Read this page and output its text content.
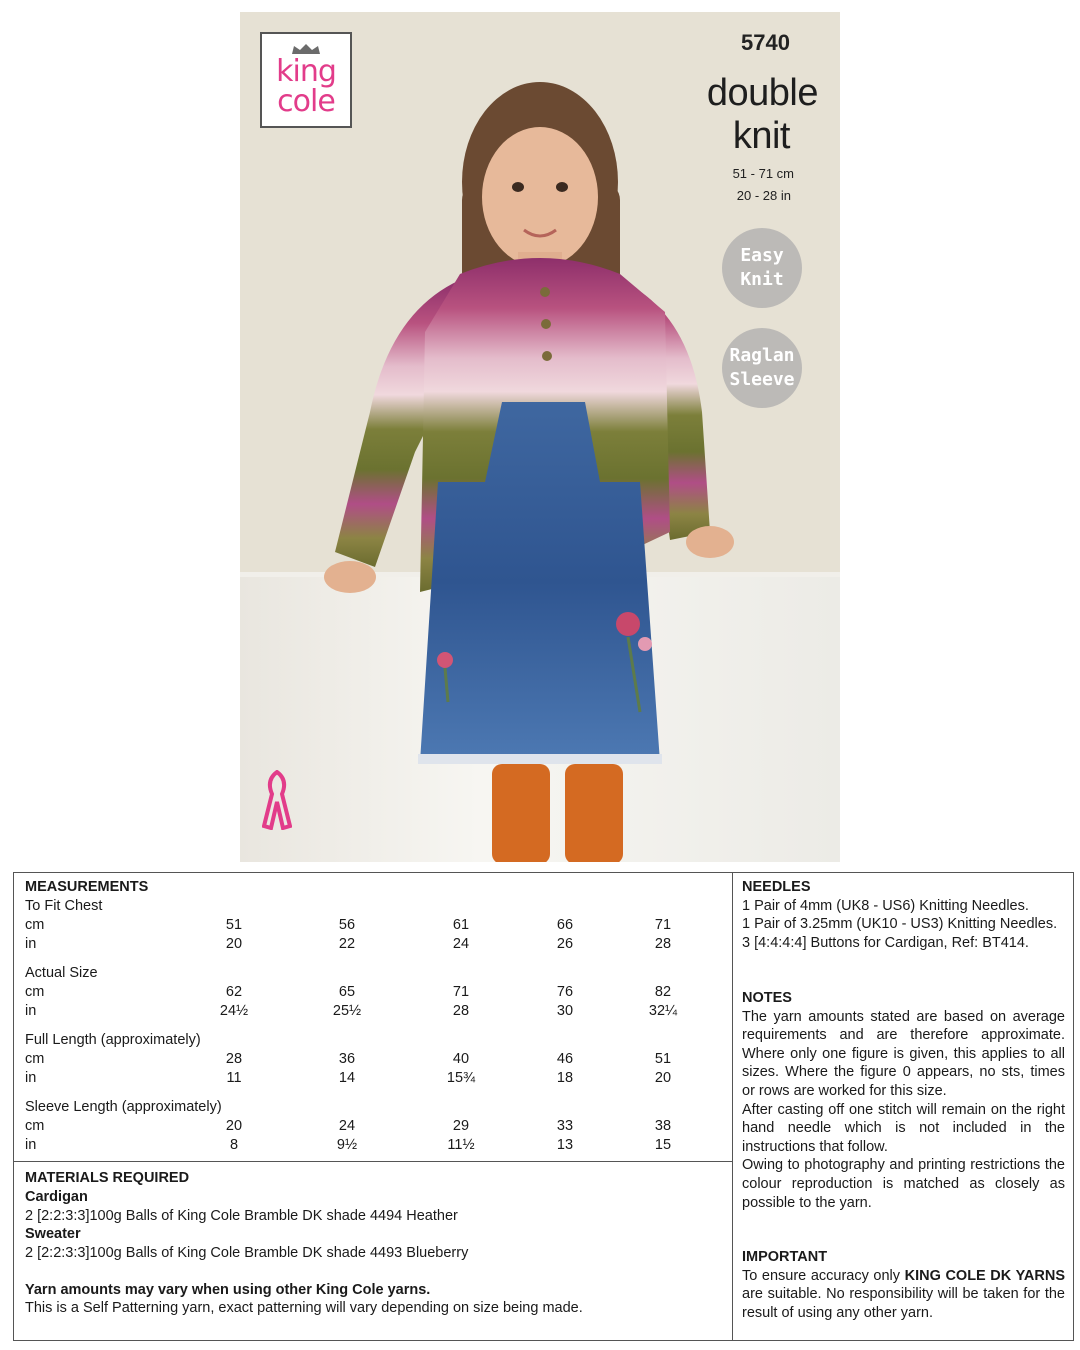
king
cole
5740
double
knit
51 - 71 cm
20 - 28 in
Easy
Knit
Raglan
Sleeve
MEASUREMENTS
To Fit Chest
cm	51	56	61	66	71
in	20	22	24	26	28
Actual Size
cm	62	65	71	76	82
in	24½	25½	28	30	32¼
Full Length (approximately)
cm	28	36	40	46	51
in	11	14	15¾	18	20
Sleeve Length (approximately)
cm	20	24	29	33	38
in	8	9½	11½	13	15
MATERIALS REQUIRED
Cardigan
2 [2:2:3:3]100g Balls of King Cole Bramble DK shade 4494 Heather
Sweater
2 [2:2:3:3]100g Balls of King Cole Bramble DK shade 4493 Blueberry
Yarn amounts may vary when using other King Cole yarns.
This is a Self Patterning yarn, exact patterning will vary depending on size being made.
NEEDLES
1 Pair of 4mm (UK8 - US6) Knitting Needles.
1 Pair of 3.25mm (UK10 - US3) Knitting Needles.
3 [4:4:4:4] Buttons for Cardigan, Ref: BT414.
NOTES
The yarn amounts stated are based on average requirements and are therefore approximate. Where only one figure is given, this applies to all sizes. Where the figure 0 appears, no sts, times or rows are worked for this size.
After casting off one stitch will remain on the right hand needle which is not included in the instructions that follow.
Owing to photography and printing restrictions the colour reproduction is matched as closely as possible to the yarn.
IMPORTANT
To ensure accuracy only KING COLE DK YARNS are suitable. No responsibility will be taken for the result of using any other yarn.
